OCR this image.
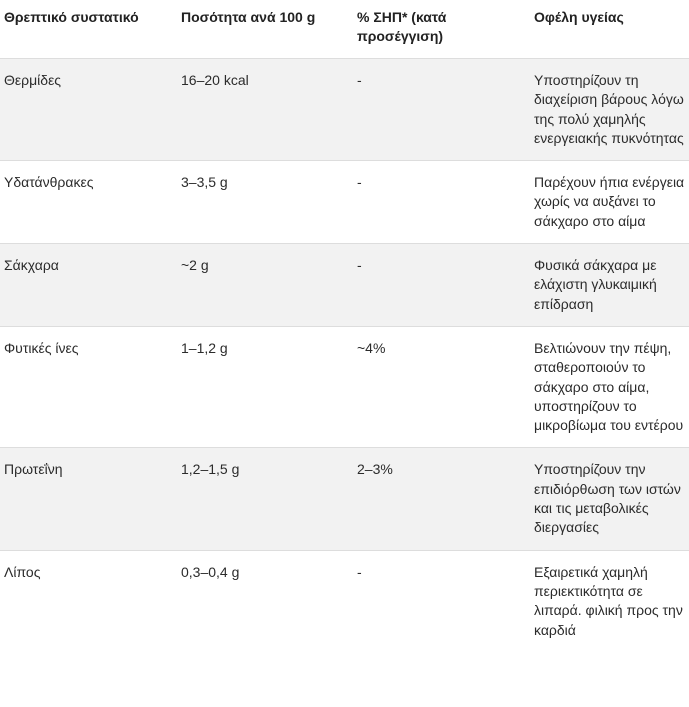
Θρεπτικό συστατικό	Ποσότητα ανά 100 g	% ΣΗΠ* (κατά προσέγγιση)	Οφέλη υγείας
Θερμίδες	16–20 kcal	-	Υποστηρίζουν τη διαχείριση βάρους λόγω της πολύ χαμηλής ενεργειακής πυκνότητας
Υδατάνθρακες	3–3,5 g	-	Παρέχουν ήπια ενέργεια χωρίς να αυξάνει το σάκχαρο στο αίμα
Σάκχαρα	~2 g	-	Φυσικά σάκχαρα με ελάχιστη γλυκαιμική επίδραση
Φυτικές ίνες	1–1,2 g	~4%	Βελτιώνουν την πέψη, σταθεροποιούν το σάκχαρο στο αίμα, υποστηρίζουν το μικροβίωμα του εντέρου
Πρωτεΐνη	1,2–1,5 g	2–3%	Υποστηρίζουν την επιδιόρθωση των ιστών και τις μεταβολικές διεργασίες
Λίπος	0,3–0,4 g	-	Εξαιρετικά χαμηλή περιεκτικότητα σε λιπαρά. φιλική προς την καρδιά
